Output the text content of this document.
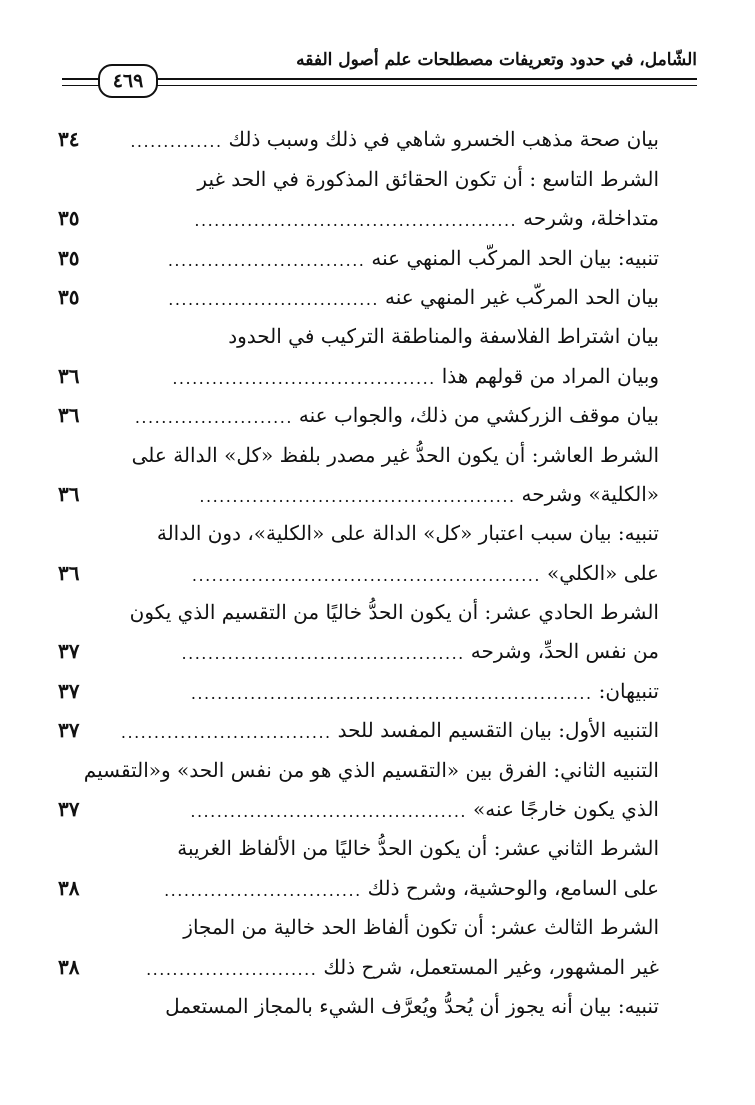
الشّامل، في حدود وتعريفات مصطلحات علم أصول الفقه
٤٦٩
بيان صحة مذهب الخسرو شاهي في ذلك وسبب ذلك
..............
٣٤
الشرط التاسع : أن تكون الحقائق المذكورة في الحد غير
متداخلة، وشرحه
.................................................
٣٥
تنبيه: بيان الحد المركّب المنهي عنه
..............................
٣٥
بيان الحد المركّب غير المنهي عنه
................................
٣٥
بيان اشتراط الفلاسفة والمناطقة التركيب في الحدود
وبيان المراد من قولهم هذا
........................................
٣٦
بيان موقف الزركشي من ذلك، والجواب عنه
........................
٣٦
الشرط العاشر: أن يكون الحدُّ غير مصدر بلفظ «كل» الدالة على
«الكلية» وشرحه
................................................
٣٦
تنبيه: بيان سبب اعتبار «كل» الدالة على «الكلية»، دون الدالة
على «الكلي»
.....................................................
٣٦
الشرط الحادي عشر: أن يكون الحدُّ خاليًا من التقسيم الذي يكون
من نفس الحدِّ، وشرحه
...........................................
٣٧
تنبيهان:
.............................................................
٣٧
التنبيه الأول: بيان التقسيم المفسد للحد
................................
٣٧
التنبيه الثاني: الفرق بين «التقسيم الذي هو من نفس الحد» و«التقسيم
الذي يكون خارجًا عنه»
..........................................
٣٧
الشرط الثاني عشر: أن يكون الحدُّ خاليًا من الألفاظ الغريبة
على السامع، والوحشية، وشرح ذلك
..............................
٣٨
الشرط الثالث عشر: أن تكون ألفاظ الحد خالية من المجاز
غير المشهور، وغير المستعمل، شرح ذلك
..........................
٣٨
تنبيه: بيان أنه يجوز أن يُحدُّ ويُعرَّف الشيء بالمجاز المستعمل
